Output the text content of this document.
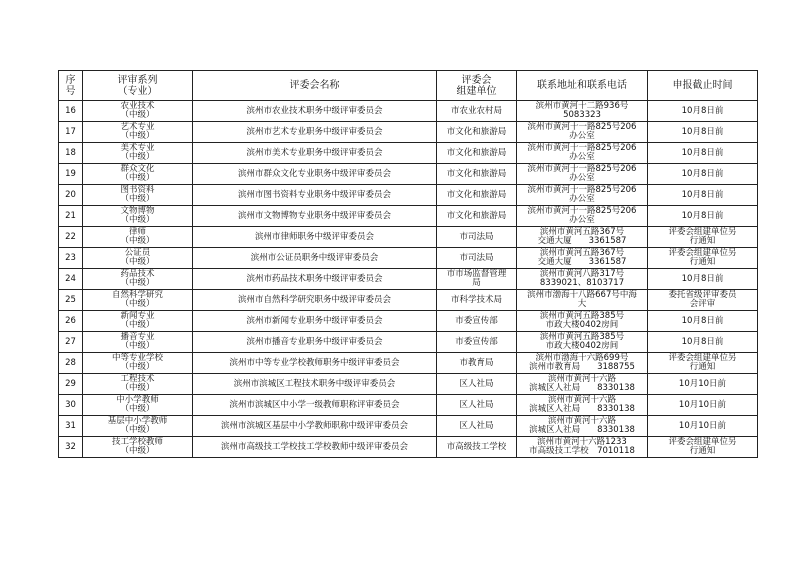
序
号	评审系列
（专业）	评委会名称	评委会
组建单位	联系地址和联系电话	申报截止时间

16	农业技术
（中级）	滨州市农业技术职务中级评审委员会	市农业农村局	滨州市黄河十二路936号
5083323	10月8日前

17	艺术专业
（中级）	滨州市艺术专业职务中级评审委员会	市文化和旅游局	滨州市黄河十一路825号206
办公室	10月8日前

18	美术专业
（中级）	滨州市美术专业职务中级评审委员会	市文化和旅游局	滨州市黄河十一路825号206
办公室	10月8日前

19	群众文化
（中级）	滨州市群众文化专业职务中级评审委员会	市文化和旅游局	滨州市黄河十一路825号206
办公室	10月8日前

20	图书资料
（中级）	滨州市图书资料专业职务中级评审委员会	市文化和旅游局	滨州市黄河十一路825号206
办公室	10月8日前

21	文物博物
（中级）	滨州市文物博物专业职务中级评审委员会	市文化和旅游局	滨州市黄河十一路825号206
办公室	10月8日前

22	律师
（中级）	滨州市律师职务中级评审委员会	市司法局	滨州市黄河五路367号
交通大厦　　3361587	评委会组建单位另
行通知

23	公证员
（中级）	滨州市公证员职务中级评审委员会	市司法局	滨州市黄河五路367号
交通大厦　　3361587	评委会组建单位另
行通知

24	药品技术
（中级）	滨州市药品技术职务中级评审委员会	市市场监督管理
局	滨州市黄河八路317号
8339021、8103717	10月8日前

25	自然科学研究
（中级）	滨州市自然科学研究职务中级评审委员会	市科学技术局	滨州市渤海十八路667号中海
大	委托省级评审委员
会评审

26	新闻专业
（中级）	滨州市新闻专业职务中级评审委员会	市委宣传部	滨州市黄河五路385号
市政大楼0402房间	10月8日前

27	播音专业
（中级）	滨州市播音专业职务中级评审委员会	市委宣传部	滨州市黄河五路385号
市政大楼0402房间	10月8日前

28	中等专业学校
（中级）	滨州市中等专业学校教师职务中级评审委员会	市教育局	滨州市渤海十六路699号
滨州市教育局　　3188755	评委会组建单位另
行通知

29	工程技术
（中级）	滨州市滨城区工程技术职务中级评审委员会	区人社局	滨州市黄河十六路
滨城区人社局　　8330138	10月10日前

30	中小学教师
（中级）	滨州市滨城区中小学一级教师职称评审委员会	区人社局	滨州市黄河十六路
滨城区人社局　　8330138	10月10日前

31	基层中小学教师
（中级）	滨州市滨城区基层中小学教师职称中级评审委员会	区人社局	滨州市黄河十六路
滨城区人社局　　8330138	10月10日前

32	技工学校教师
（中级）	滨州市高级技工学校技工学校教师中级评审委员会	市高级技工学校	滨州市黄河十六路1233
市高级技工学校　7010118	评委会组建单位另
行通知
